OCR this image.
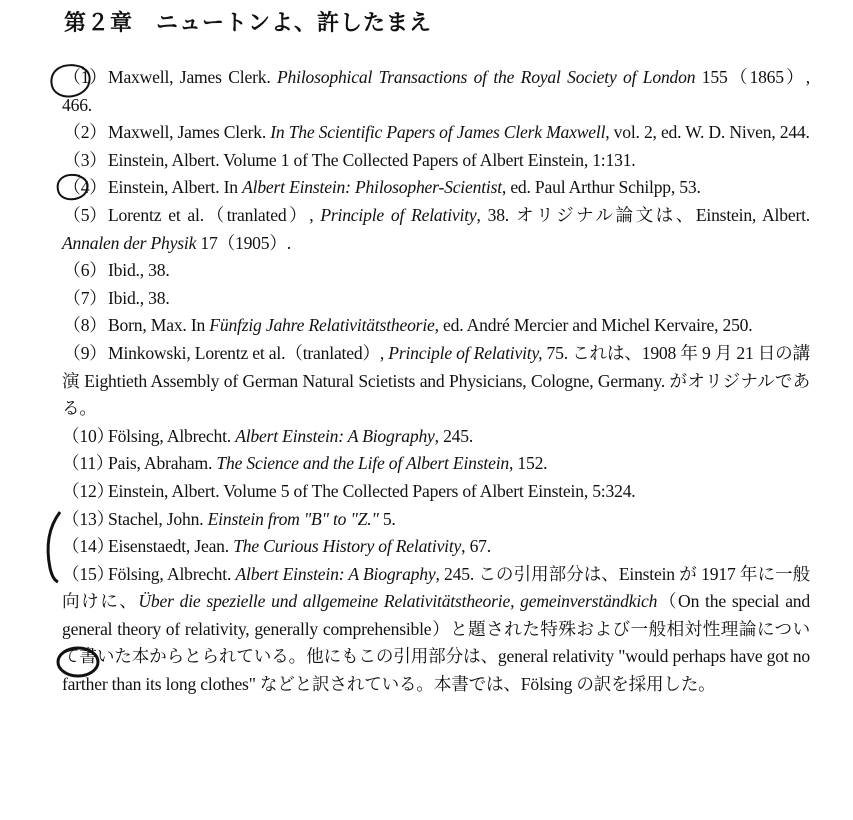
第２章　ニュートンよ、許したまえ
（1）Maxwell, James Clerk. Philosophical Transactions of the Royal Society of London 155（1865）, 466.
（2）Maxwell, James Clerk. In The Scientific Papers of James Clerk Maxwell, vol. 2, ed. W. D. Niven, 244.
（3）Einstein, Albert. Volume 1 of The Collected Papers of Albert Einstein, 1:131.
（4）Einstein, Albert. In Albert Einstein: Philosopher-Scientist, ed. Paul Arthur Schilpp, 53.
（5）Lorentz et al.（tranlated）, Principle of Relativity, 38. オリジナル論文は、Einstein, Albert. Annalen der Physik 17（1905）.
（6）Ibid., 38.
（7）Ibid., 38.
（8）Born, Max. In Fünfzig Jahre Relativitätstheorie, ed. André Mercier and Michel Kervaire, 250.
（9）Minkowski, Lorentz et al.（tranlated）, Principle of Relativity, 75. これは、1908 年 9 月 21 日の講演 Eightieth Assembly of German Natural Scietists and Physicians, Cologne, Germany. がオリジナルである。
（10）Fölsing, Albrecht. Albert Einstein: A Biography, 245.
（11）Pais, Abraham. The Science and the Life of Albert Einstein, 152.
（12）Einstein, Albert. Volume 5 of The Collected Papers of Albert Einstein, 5:324.
（13）Stachel, John. Einstein from "B" to "Z." 5.
（14）Eisenstaedt, Jean. The Curious History of Relativity, 67.
（15）Fölsing, Albrecht. Albert Einstein: A Biography, 245. この引用部分は、Einstein が 1917 年に一般向けに、Über die spezielle und allgemeine Relativitätstheorie, gemeinverständkich（On the special and general theory of relativity, generally comprehensible）と題された特殊および一般相対性理論について書いた本からとられている。他にもこの引用部分は、general relativity "would perhaps have got no farther than its long clothes" などと訳されている。本書では、Fölsing の訳を採用した。
